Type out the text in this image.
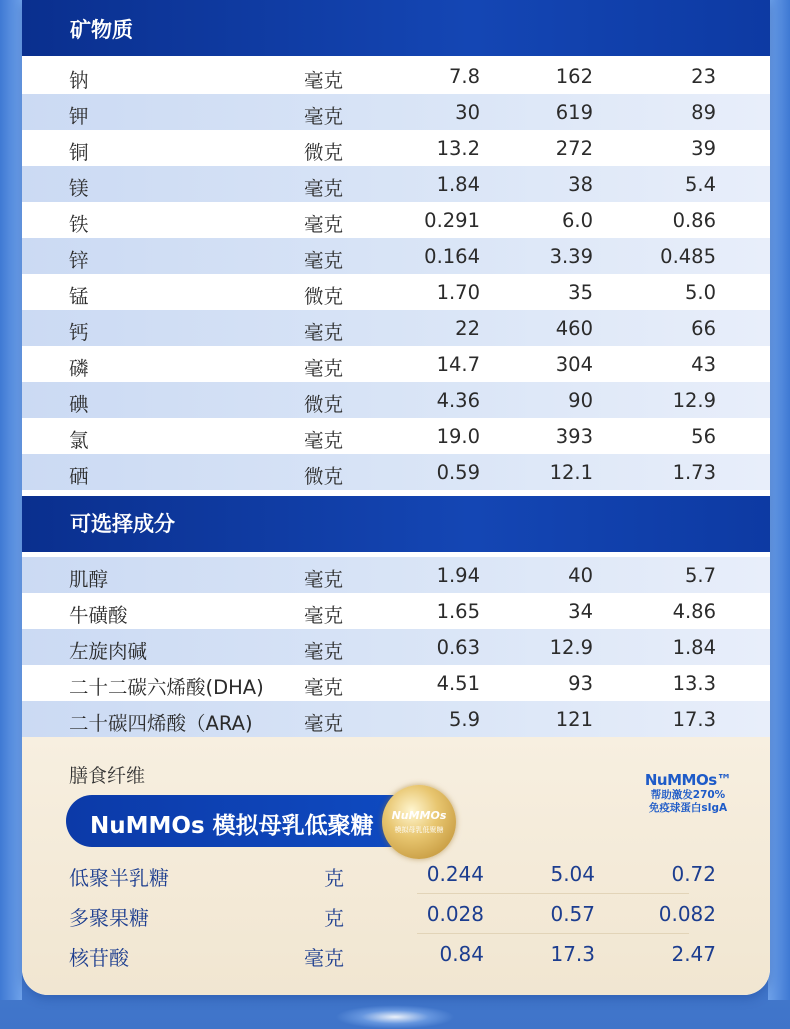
矿物质
钠	毫克	7.8	162	23
钾	毫克	30	619	89
铜	微克	13.2	272	39
镁	毫克	1.84	38	5.4
铁	毫克	0.291	6.0	0.86
锌	毫克	0.164	3.39	0.485
锰	微克	1.70	35	5.0
钙	毫克	22	460	66
磷	毫克	14.7	304	43
碘	微克	4.36	90	12.9
氯	毫克	19.0	393	56
硒	微克	0.59	12.1	1.73
可选择成分
肌醇	毫克	1.94	40	5.7
牛磺酸	毫克	1.65	34	4.86
左旋肉碱	毫克	0.63	12.9	1.84
二十二碳六烯酸(DHA) 毫克	4.51	93	13.3
二十碳四烯酸（ARA)	毫克	5.9	121	17.3
膳食纤维
NuMMOs 模拟母乳低聚糖	NuMMOs
模拟母乳低聚糖
NuMMOs™
帮助激发270%
免疫球蛋白sIgA
低聚半乳糖	克	0.244	5.04	0.72
多聚果糖	克	0.028	0.57	0.082
核苷酸	毫克	0.84	17.3	2.47
